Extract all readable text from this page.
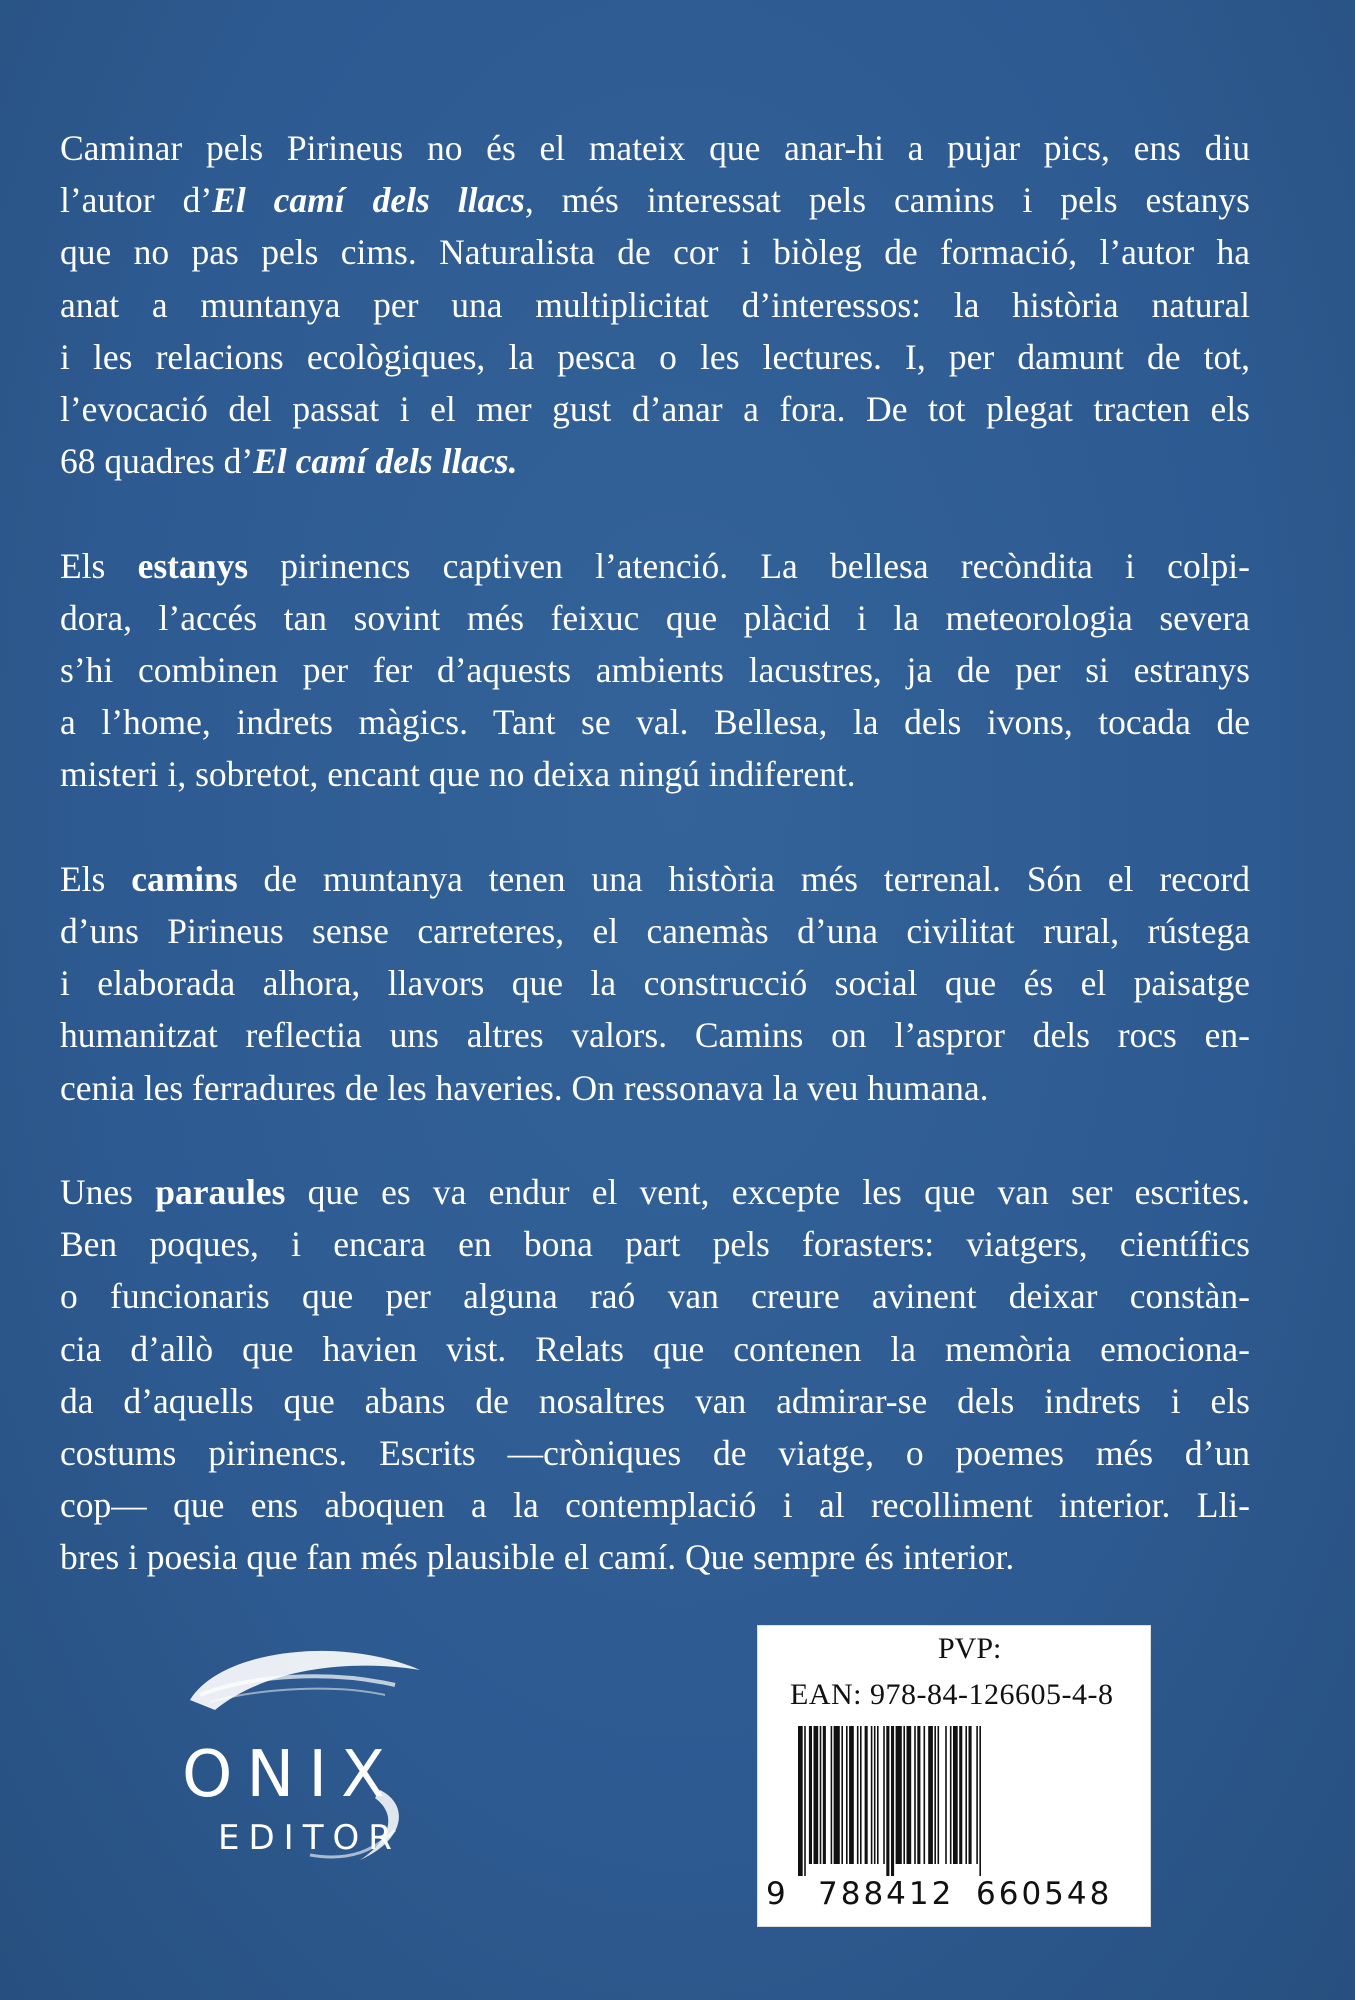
Caminar pels Pirineus no és el mateix que anar-hi a pujar pics, ens diu
l’autor d’El camí dels llacs, més interessat pels camins i pels estanys
que no pas pels cims. Naturalista de cor i biòleg de formació, l’autor ha
anat a muntanya per una multiplicitat d’interessos: la història natural
i les relacions ecològiques, la pesca o les lectures. I, per damunt de tot,
l’evocació del passat i el mer gust d’anar a fora. De tot plegat tracten els
68 quadres d’El camí dels llacs.
Els estanys pirinencs captiven l’atenció. La bellesa recòndita i colpi-
dora, l’accés tan sovint més feixuc que plàcid i la meteorologia severa
s’hi combinen per fer d’aquests ambients lacustres, ja de per si estranys
a l’home, indrets màgics. Tant se val. Bellesa, la dels ivons, tocada de
misteri i, sobretot, encant que no deixa ningú indiferent.
Els camins de muntanya tenen una història més terrenal. Són el record
d’uns Pirineus sense carreteres, el canemàs d’una civilitat rural, rústega
i elaborada alhora, llavors que la construcció social que és el paisatge
humanitzat reflectia uns altres valors. Camins on l’aspror dels rocs en-
cenia les ferradures de les haveries. On ressonava la veu humana.
Unes paraules que es va endur el vent, excepte les que van ser escrites.
Ben poques, i encara en bona part pels forasters: viatgers, científics
o funcionaris que per alguna raó van creure avinent deixar constàn-
cia d’allò que havien vist. Relats que contenen la memòria emociona-
da d’aquells que abans de nosaltres van admirar-se dels indrets i els
costums pirinencs. Escrits —cròniques de viatge, o poemes més d’un
cop— que ens aboquen a la contemplació i al recolliment interior. Lli-
bres i poesia que fan més plausible el camí. Que sempre és interior.
ONIX
EDITOR
PVP:
EAN: 978-84-126605-4-8
9 788412 660548
